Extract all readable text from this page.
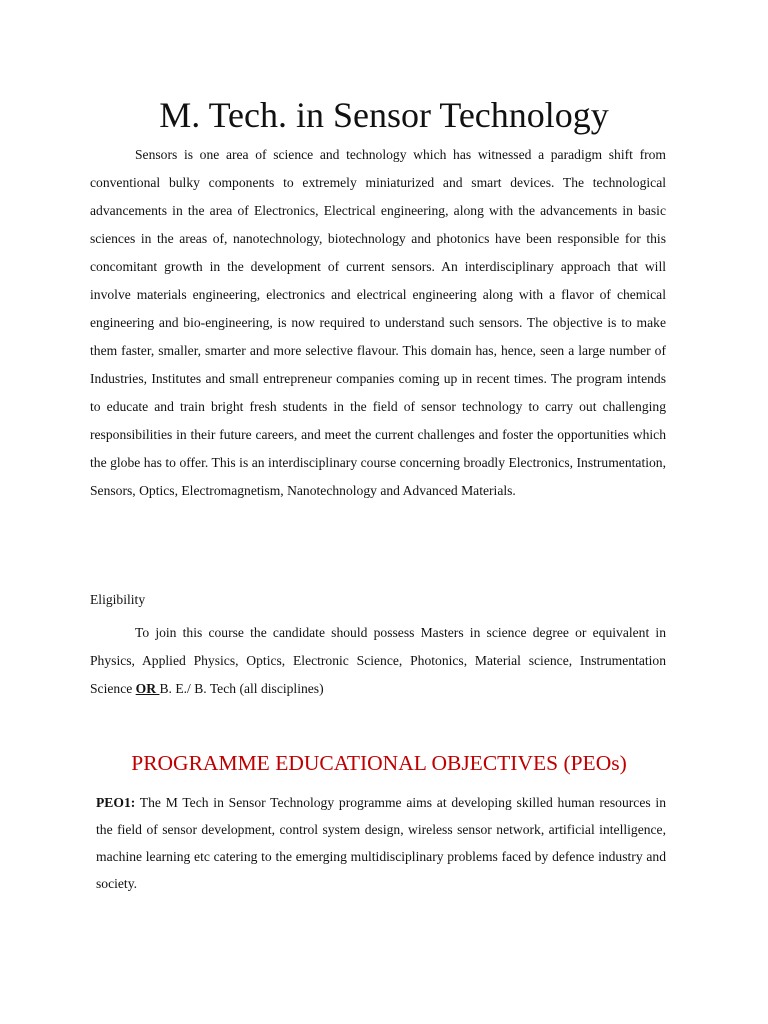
M. Tech. in Sensor Technology

Sensors is one area of science and technology which has witnessed a paradigm shift from conventional bulky components to extremely miniaturized and smart devices. The technological advancements in the area of Electronics, Electrical engineering, along with the advancements in basic sciences in the areas of, nanotechnology, biotechnology and photonics have been responsible for this concomitant growth in the development of current sensors. An interdisciplinary approach that will involve materials engineering, electronics and electrical engineering along with a flavor of chemical engineering and bio-engineering, is now required to understand such sensors. The objective is to make them faster, smaller, smarter and more selective flavour. This domain has, hence, seen a large number of Industries, Institutes and small entrepreneur companies coming up in recent times. The program intends to educate and train bright fresh students in the field of sensor technology to carry out challenging responsibilities in their future careers, and meet the current challenges and foster the opportunities which the globe has to offer. This is an interdisciplinary course concerning broadly Electronics, Instrumentation, Sensors, Optics, Electromagnetism, Nanotechnology and Advanced Materials.

Eligibility

To join this course the candidate should possess Masters in science degree or equivalent in Physics, Applied Physics, Optics, Electronic Science, Photonics, Material science, Instrumentation Science OR B. E./ B. Tech (all disciplines)

PROGRAMME EDUCATIONAL OBJECTIVES (PEOs)

PEO1: The M Tech in Sensor Technology programme aims at developing skilled human resources in the field of sensor development, control system design, wireless sensor network, artificial intelligence, machine learning etc catering to the emerging multidisciplinary problems faced by defence industry and society.
